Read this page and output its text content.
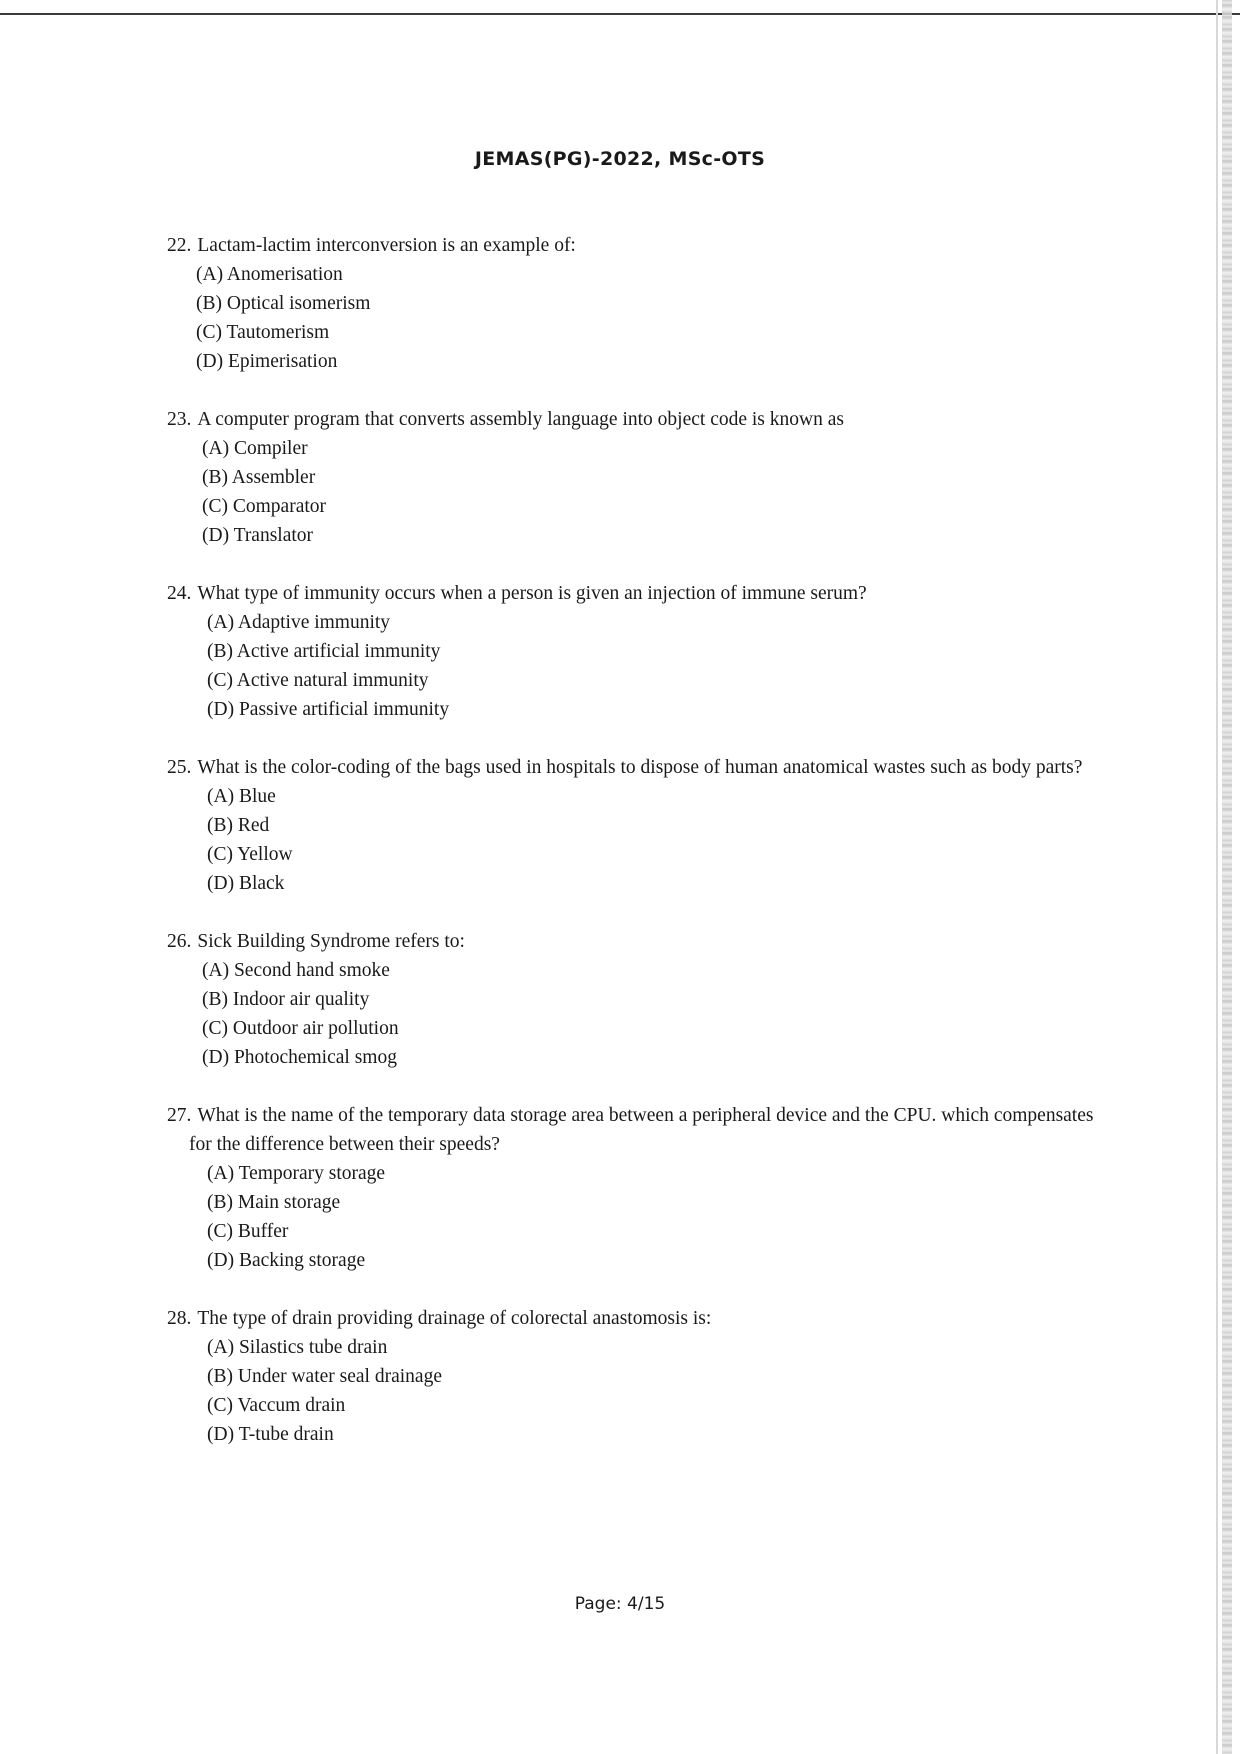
JEMAS(PG)-2022, MSc-OTS
22. Lactam-lactim interconversion is an example of:
(A) Anomerisation
(B) Optical isomerism
(C) Tautomerism
(D) Epimerisation
23. A computer program that converts assembly language into object code is known as
(A) Compiler
(B) Assembler
(C) Comparator
(D) Translator
24. What type of immunity occurs when a person is given an injection of immune serum?
(A) Adaptive immunity
(B) Active artificial immunity
(C) Active natural immunity
(D) Passive artificial immunity
25. What is the color-coding of the bags used in hospitals to dispose of human anatomical wastes such as body parts?
(A) Blue
(B) Red
(C) Yellow
(D) Black
26. Sick Building Syndrome refers to:
(A) Second hand smoke
(B) Indoor air quality
(C) Outdoor air pollution
(D) Photochemical smog
27. What is the name of the temporary data storage area between a peripheral device and the CPU. which compensates for the difference between their speeds?
(A) Temporary storage
(B) Main storage
(C) Buffer
(D) Backing storage
28. The type of drain providing drainage of colorectal anastomosis is:
(A) Silastics tube drain
(B) Under water seal drainage
(C) Vaccum drain
(D) T-tube drain
Page: 4/15
